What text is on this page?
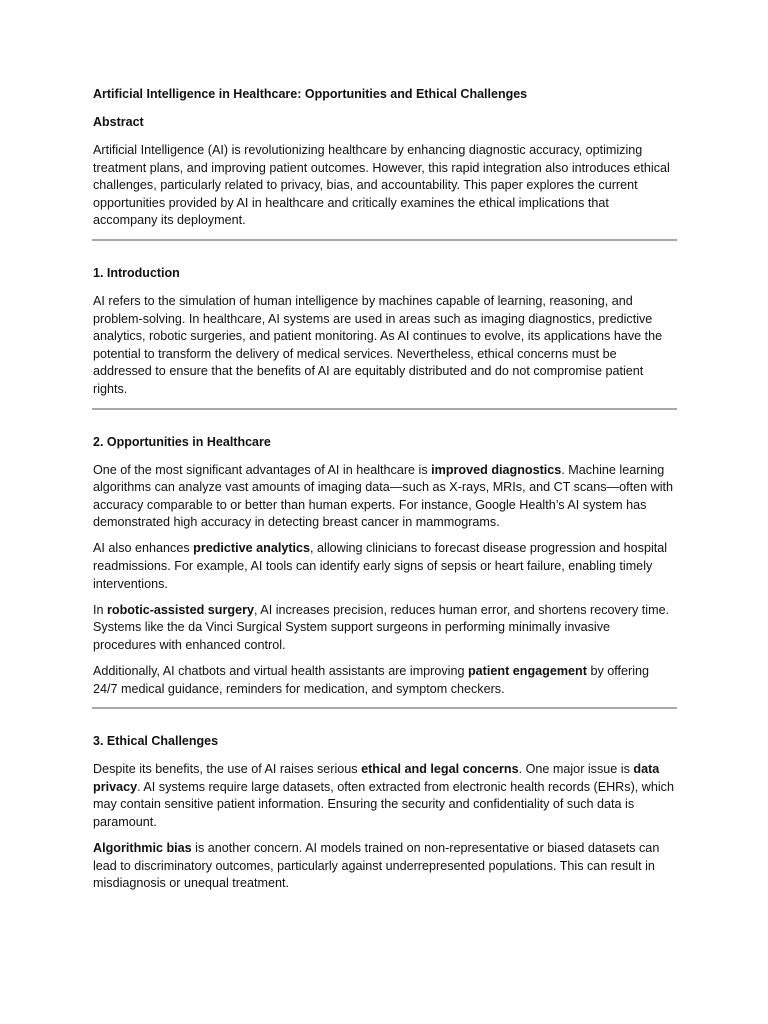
Artificial Intelligence in Healthcare: Opportunities and Ethical Challenges
Abstract

Artificial Intelligence (AI) is revolutionizing healthcare by enhancing diagnostic accuracy, optimizing treatment plans, and improving patient outcomes. However, this rapid integration also introduces ethical challenges, particularly related to privacy, bias, and accountability. This paper explores the current opportunities provided by AI in healthcare and critically examines the ethical implications that accompany its deployment.

1. Introduction

AI refers to the simulation of human intelligence by machines capable of learning, reasoning, and problem-solving. In healthcare, AI systems are used in areas such as imaging diagnostics, predictive analytics, robotic surgeries, and patient monitoring. As AI continues to evolve, its applications have the potential to transform the delivery of medical services. Nevertheless, ethical concerns must be addressed to ensure that the benefits of AI are equitably distributed and do not compromise patient rights.

2. Opportunities in Healthcare

One of the most significant advantages of AI in healthcare is improved diagnostics. Machine learning algorithms can analyze vast amounts of imaging data—such as X-rays, MRIs, and CT scans—often with accuracy comparable to or better than human experts. For instance, Google Health’s AI system has demonstrated high accuracy in detecting breast cancer in mammograms.

AI also enhances predictive analytics, allowing clinicians to forecast disease progression and hospital readmissions. For example, AI tools can identify early signs of sepsis or heart failure, enabling timely interventions.

In robotic-assisted surgery, AI increases precision, reduces human error, and shortens recovery time. Systems like the da Vinci Surgical System support surgeons in performing minimally invasive procedures with enhanced control.

Additionally, AI chatbots and virtual health assistants are improving patient engagement by offering 24/7 medical guidance, reminders for medication, and symptom checkers.

3. Ethical Challenges

Despite its benefits, the use of AI raises serious ethical and legal concerns. One major issue is data privacy. AI systems require large datasets, often extracted from electronic health records (EHRs), which may contain sensitive patient information. Ensuring the security and confidentiality of such data is paramount.

Algorithmic bias is another concern. AI models trained on non-representative or biased datasets can lead to discriminatory outcomes, particularly against underrepresented populations. This can result in misdiagnosis or unequal treatment.
